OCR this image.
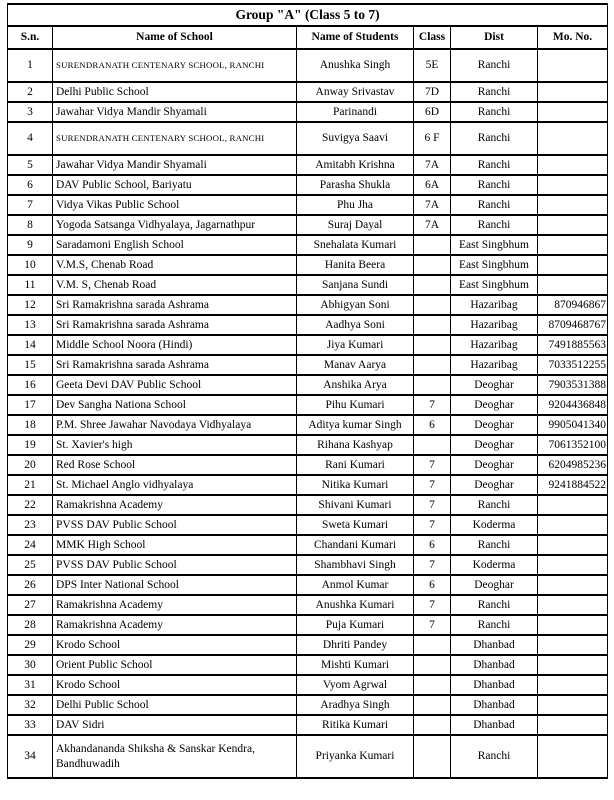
Group "A" (Class 5 to 7)					
S.n.	Name of School	Name of Students	Class	Dist	Mo. No.
1	SURENDRANATH CENTENARY SCHOOL, RANCHI	Anushka Singh	5E	Ranchi	
2	Delhi Public School	Anway Srivastav	7D	Ranchi	
3	Jawahar Vidya Mandir Shyamali	Parinandi	6D	Ranchi	
4	SURENDRANATH CENTENARY SCHOOL, RANCHI	Suvigya Saavi	6 F	Ranchi	
5	Jawahar Vidya Mandir Shyamali	Amitabh Krishna	7A	Ranchi	
6	DAV Public School, Bariyatu	Parasha Shukla	6A	Ranchi	
7	Vidya Vikas Public School	Phu Jha	7A	Ranchi	
8	Yogoda Satsanga Vidhyalaya, Jagarnathpur	Suraj Dayal	7A	Ranchi	
9	Saradamoni English School	Snehalata Kumari		East Singbhum	
10	V.M.S, Chenab Road	Hanita Beera		East Singbhum	
11	V.M. S, Chenab Road	Sanjana Sundi		East Singbhum	
12	Sri Ramakrishna sarada Ashrama	Abhigyan Soni		Hazaribag	870946867
13	Sri Ramakrishna sarada Ashrama	Aadhya Soni		Hazaribag	8709468767
14	Middle School Noora (Hindi)	Jiya Kumari		Hazaribag	7491885563
15	Sri Ramakrishna sarada Ashrama	Manav Aarya		Hazaribag	7033512255
16	Geeta Devi DAV Public School	Anshika Arya		Deoghar	7903531388
17	Dev Sangha Nationa School	Pihu Kumari	7	Deoghar	9204436848
18	P.M. Shree Jawahar Navodaya Vidhyalaya	Aditya kumar Singh	6	Deoghar	9905041340
19	St. Xavier's high	Rihana Kashyap		Deoghar	7061352100
20	Red Rose School	Rani Kumari	7	Deoghar	6204985236
21	St. Michael Anglo vidhyalaya	Nitika Kumari	7	Deoghar	9241884522
22	Ramakrishna Academy	Shivani Kumari	7	Ranchi	
23	PVSS DAV Public School	Sweta Kumari	7	Koderma	
24	MMK High School	Chandani Kumari	6	Ranchi	
25	PVSS DAV Public School	Shambhavi Singh	7	Koderma	
26	DPS Inter National School	Anmol Kumar	6	Deoghar	
27	Ramakrishna Academy	Anushka Kumari	7	Ranchi	
28	Ramakrishna Academy	Puja Kumari	7	Ranchi	
29	Krodo School	Dhriti Pandey		Dhanbad	
30	Orient Public School	Mishti Kumari		Dhanbad	
31	Krodo School	Vyom Agrwal		Dhanbad	
32	Delhi Public School	Aradhya Singh		Dhanbad	
33	DAV Sidri	Ritika Kumari		Dhanbad	
34	Akhandananda Shiksha & Sanskar Kendra, Bandhuwadih	Priyanka Kumari		Ranchi	
